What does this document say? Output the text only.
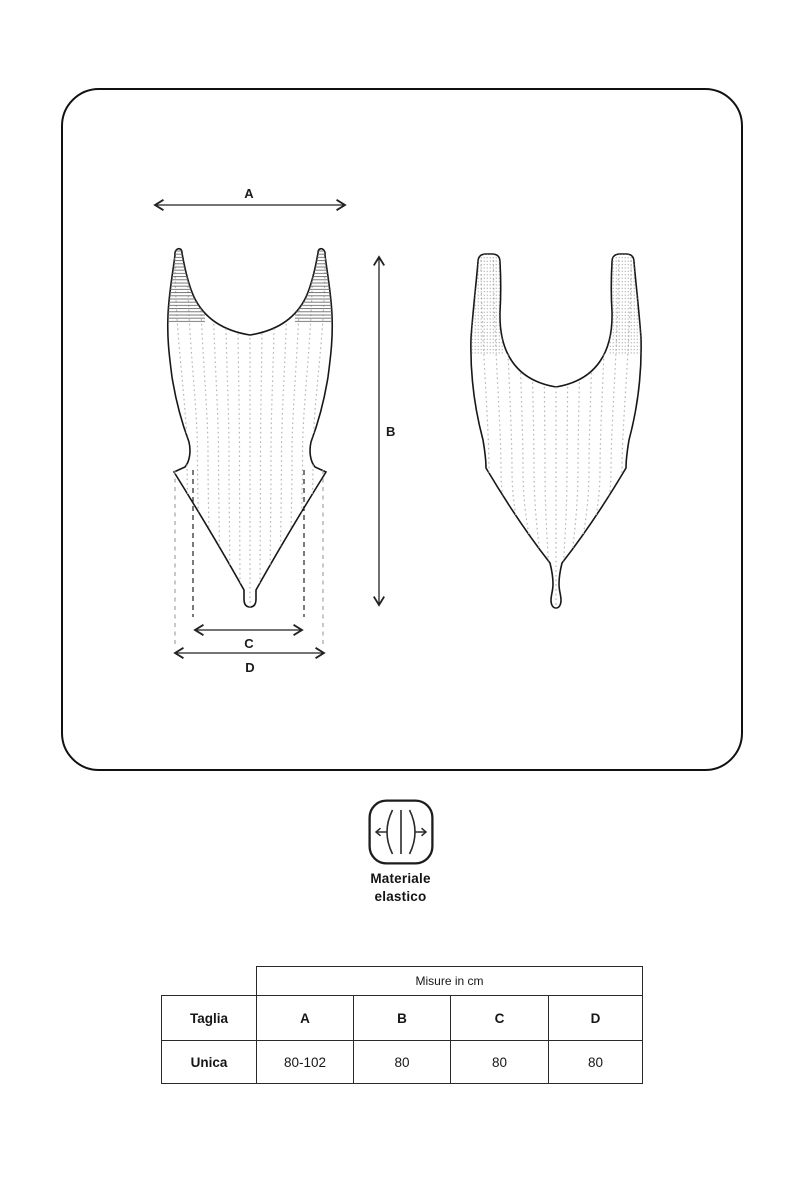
A
B
C
D
Materiale
elastico
	Misure in cm			
Taglia	A	B	C	D
Unica	80-102	80	80	80
